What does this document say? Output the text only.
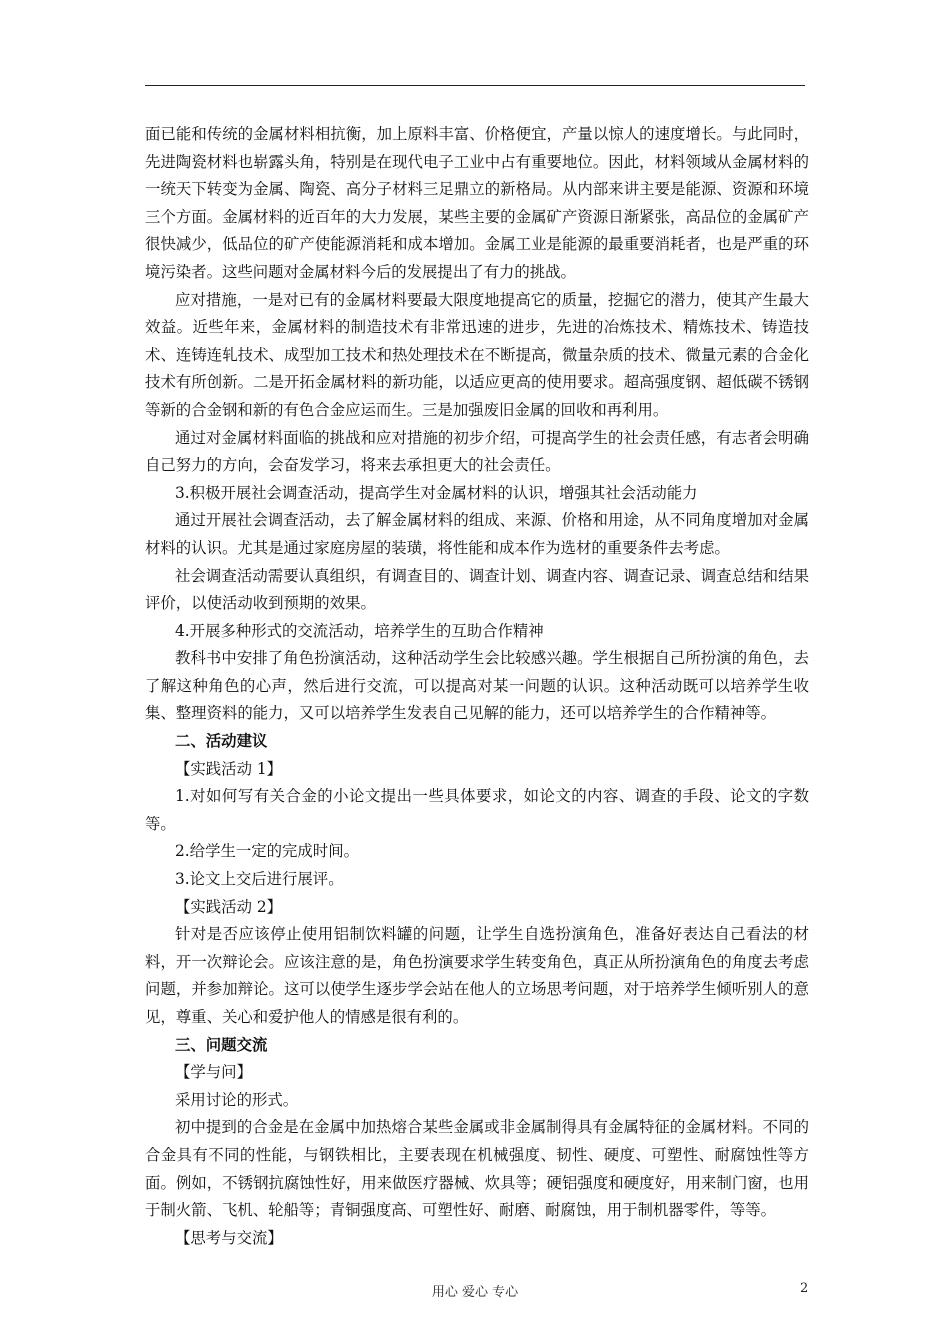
面已能和传统的金属材料相抗衡，加上原料丰富、价格便宜，产量以惊人的速度增长。与此同时，先进陶瓷材料也崭露头角，特别是在现代电子工业中占有重要地位。因此，材料领域从金属材料的一统天下转变为金属、陶瓷、高分子材料三足鼎立的新格局。从内部来讲主要是能源、资源和环境三个方面。金属材料的近百年的大力发展，某些主要的金属矿产资源日渐紧张，高品位的金属矿产很快减少，低品位的矿产使能源消耗和成本增加。金属工业是能源的最重要消耗者，也是严重的环境污染者。这些问题对金属材料今后的发展提出了有力的挑战。

应对措施，一是对已有的金属材料要最大限度地提高它的质量，挖掘它的潜力，使其产生最大效益。近些年来，金属材料的制造技术有非常迅速的进步，先进的冶炼技术、精炼技术、铸造技术、连铸连轧技术、成型加工技术和热处理技术在不断提高，微量杂质的技术、微量元素的合金化技术有所创新。二是开拓金属材料的新功能，以适应更高的使用要求。超高强度钢、超低碳不锈钢等新的合金钢和新的有色合金应运而生。三是加强废旧金属的回收和再利用。

通过对金属材料面临的挑战和应对措施的初步介绍，可提高学生的社会责任感，有志者会明确自己努力的方向，会奋发学习，将来去承担更大的社会责任。

3.积极开展社会调查活动，提高学生对金属材料的认识，增强其社会活动能力

通过开展社会调查活动，去了解金属材料的组成、来源、价格和用途，从不同角度增加对金属材料的认识。尤其是通过家庭房屋的装璜，将性能和成本作为选材的重要条件去考虑。

社会调查活动需要认真组织，有调查目的、调查计划、调查内容、调查记录、调查总结和结果评价，以使活动收到预期的效果。

4.开展多种形式的交流活动，培养学生的互助合作精神

教科书中安排了角色扮演活动，这种活动学生会比较感兴趣。学生根据自己所扮演的角色，去了解这种角色的心声，然后进行交流，可以提高对某一问题的认识。这种活动既可以培养学生收集、整理资料的能力，又可以培养学生发表自己见解的能力，还可以培养学生的合作精神等。

二、活动建议

【实践活动 1】

1.对如何写有关合金的小论文提出一些具体要求，如论文的内容、调查的手段、论文的字数等。

2.给学生一定的完成时间。

3.论文上交后进行展评。

【实践活动 2】

针对是否应该停止使用铝制饮料罐的问题，让学生自选扮演角色，准备好表达自己看法的材料，开一次辩论会。应该注意的是，角色扮演要求学生转变角色，真正从所扮演角色的角度去考虑问题，并参加辩论。这可以使学生逐步学会站在他人的立场思考问题，对于培养学生倾听别人的意见，尊重、关心和爱护他人的情感是很有利的。

三、问题交流

【学与问】

采用讨论的形式。

初中提到的合金是在金属中加热熔合某些金属或非金属制得具有金属特征的金属材料。不同的合金具有不同的性能，与钢铁相比，主要表现在机械强度、韧性、硬度、可塑性、耐腐蚀性等方面。例如，不锈钢抗腐蚀性好，用来做医疗器械、炊具等；硬铝强度和硬度好，用来制门窗，也用于制火箭、飞机、轮船等；青铜强度高、可塑性好、耐磨、耐腐蚀，用于制机器零件，等等。

【思考与交流】

用心 爱心 专心	2
